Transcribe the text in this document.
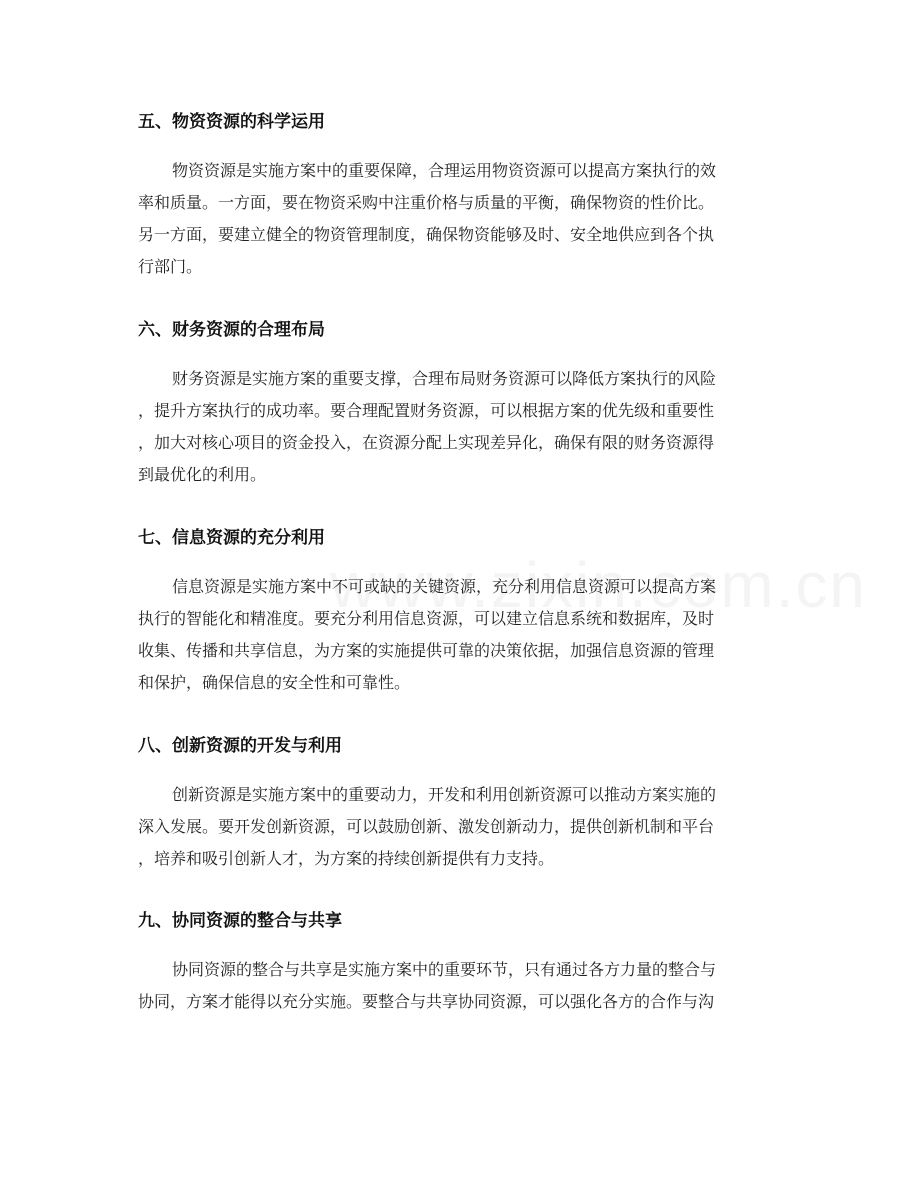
五、物资资源的科学运用

物资资源是实施方案中的重要保障，合理运用物资资源可以提高方案执行的效
率和质量。一方面，要在物资采购中注重价格与质量的平衡，确保物资的性价比。
另一方面，要建立健全的物资管理制度，确保物资能够及时、安全地供应到各个执
行部门。

六、财务资源的合理布局

财务资源是实施方案的重要支撑，合理布局财务资源可以降低方案执行的风险
，提升方案执行的成功率。要合理配置财务资源，可以根据方案的优先级和重要性
，加大对核心项目的资金投入，在资源分配上实现差异化，确保有限的财务资源得
到最优化的利用。

七、信息资源的充分利用

信息资源是实施方案中不可或缺的关键资源，充分利用信息资源可以提高方案
执行的智能化和精准度。要充分利用信息资源，可以建立信息系统和数据库，及时
收集、传播和共享信息，为方案的实施提供可靠的决策依据，加强信息资源的管理
和保护，确保信息的安全性和可靠性。

八、创新资源的开发与利用

创新资源是实施方案中的重要动力，开发和利用创新资源可以推动方案实施的
深入发展。要开发创新资源，可以鼓励创新、激发创新动力，提供创新机制和平台
，培养和吸引创新人才，为方案的持续创新提供有力支持。

九、协同资源的整合与共享

协同资源的整合与共享是实施方案中的重要环节，只有通过各方力量的整合与
协同，方案才能得以充分实施。要整合与共享协同资源，可以强化各方的合作与沟
